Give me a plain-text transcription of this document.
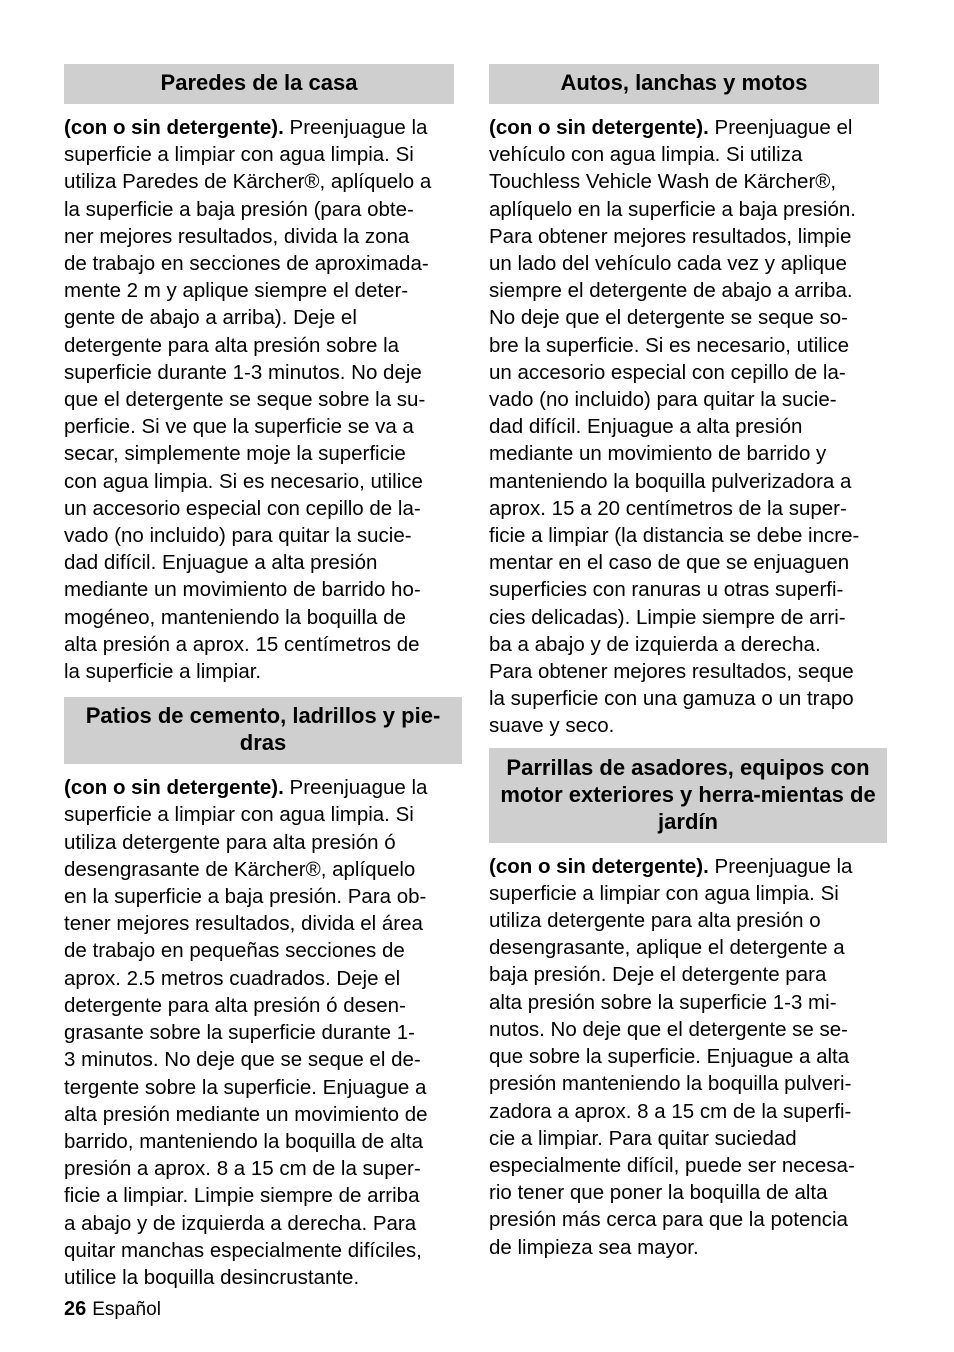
Paredes de la casa
(con o sin detergente). Preenjuague la
superficie a limpiar con agua limpia. Si
utiliza Paredes de Kärcher®, aplíquelo a
la superficie a baja presión (para obte-
ner mejores resultados, divida la zona
de trabajo en secciones de aproximada-
mente 2 m y aplique siempre el deter-
gente de abajo a arriba). Deje el
detergente para alta presión sobre la
superficie durante 1-3 minutos. No deje
que el detergente se seque sobre la su-
perficie. Si ve que la superficie se va a
secar, simplemente moje la superficie
con agua limpia. Si es necesario, utilice
un accesorio especial con cepillo de la-
vado (no incluido) para quitar la sucie-
dad difícil. Enjuague a alta presión
mediante un movimiento de barrido ho-
mogéneo, manteniendo la boquilla de
alta presión a aprox. 15 centímetros de
la superficie a limpiar.
Patios de cemento, ladrillos y pie-dras
(con o sin detergente). Preenjuague la
superficie a limpiar con agua limpia. Si
utiliza detergente para alta presión ó
desengrasante de Kärcher®, aplíquelo
en la superficie a baja presión. Para ob-
tener mejores resultados, divida el área
de trabajo en pequeñas secciones de
aprox. 2.5 metros cuadrados. Deje el
detergente para alta presión ó desen-
grasante sobre la superficie durante 1-
3 minutos. No deje que se seque el de-
tergente sobre la superficie. Enjuague a
alta presión mediante un movimiento de
barrido, manteniendo la boquilla de alta
presión a aprox. 8 a 15 cm de la super-
ficie a limpiar. Limpie siempre de arriba
a abajo y de izquierda a derecha. Para
quitar manchas especialmente difíciles,
utilice la boquilla desincrustante.
Autos, lanchas y motos
(con o sin detergente). Preenjuague el
vehículo con agua limpia. Si utiliza
Touchless Vehicle Wash de Kärcher®,
aplíquelo en la superficie a baja presión.
Para obtener mejores resultados, limpie
un lado del vehículo cada vez y aplique
siempre el detergente de abajo a arriba.
No deje que el detergente se seque so-
bre la superficie. Si es necesario, utilice
un accesorio especial con cepillo de la-
vado (no incluido) para quitar la sucie-
dad difícil. Enjuague a alta presión
mediante un movimiento de barrido y
manteniendo la boquilla pulverizadora a
aprox. 15 a 20 centímetros de la super-
ficie a limpiar (la distancia se debe incre-
mentar en el caso de que se enjuaguen
superficies con ranuras u otras superfi-
cies delicadas). Limpie siempre de arri-
ba a abajo y de izquierda a derecha.
Para obtener mejores resultados, seque
la superficie con una gamuza o un trapo
suave y seco.
Parrillas de asadores, equipos con motor exteriores y herra-mientas de jardín
(con o sin detergente). Preenjuague la
superficie a limpiar con agua limpia. Si
utiliza detergente para alta presión o
desengrasante, aplique el detergente a
baja presión. Deje el detergente para
alta presión sobre la superficie 1-3 mi-
nutos. No deje que el detergente se se-
que sobre la superficie. Enjuague a alta
presión manteniendo la boquilla pulveri-
zadora a aprox. 8 a 15 cm de la superfi-
cie a limpiar. Para quitar suciedad
especialmente difícil, puede ser necesa-
rio tener que poner la boquilla de alta
presión más cerca para que la potencia
de limpieza sea mayor.
26 Español
